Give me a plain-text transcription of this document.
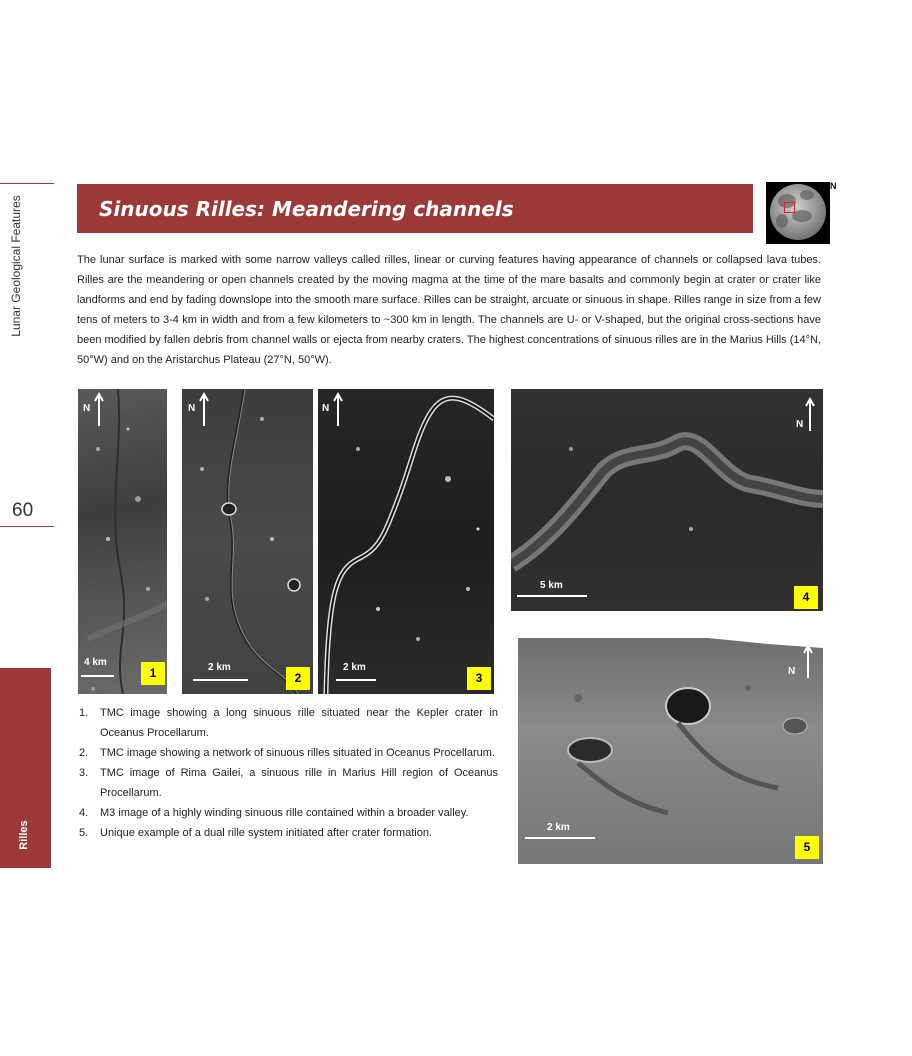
Lunar Geological Features
60
Rilles
Sinuous Rilles: Meandering channels
N

The lunar surface is marked with some narrow valleys called rilles, linear or curving features having appearance of channels or collapsed lava tubes. Rilles are the meandering or open channels created by the moving magma at the time of the mare basalts and commonly begin at crater or crater like landforms and end by fading downslope into the smooth mare surface. Rilles can be straight, arcuate or sinuous in shape. Rilles range in size from a few tens of meters to 3-4 km in width and from a few kilometers to ~300 km in length. The channels are U- or V-shaped, but the original cross-sections have been modified by fallen debris from channel walls or ejecta from nearby craters. The highest concentrations of sinuous rilles are in the Marius Hills (14°N, 50°W) and on the Aristarchus Plateau (27°N, 50°W).

N
4 km
1
N
2 km
2
N
2 km
3
N
5 km
4
N
2 km
5
1. TMC image showing a long sinuous rille situated near the Kepler crater in Oceanus Procellarum.
2. TMC image showing a network of sinuous rilles situated in Oceanus Procellarum.
3. TMC image of Rima Gailei, a sinuous rille in Marius Hill region of Oceanus Procellarum.
4. M3 image of a highly winding sinuous rille contained within a broader valley.
5. Unique example of a dual rille system initiated after crater formation.
